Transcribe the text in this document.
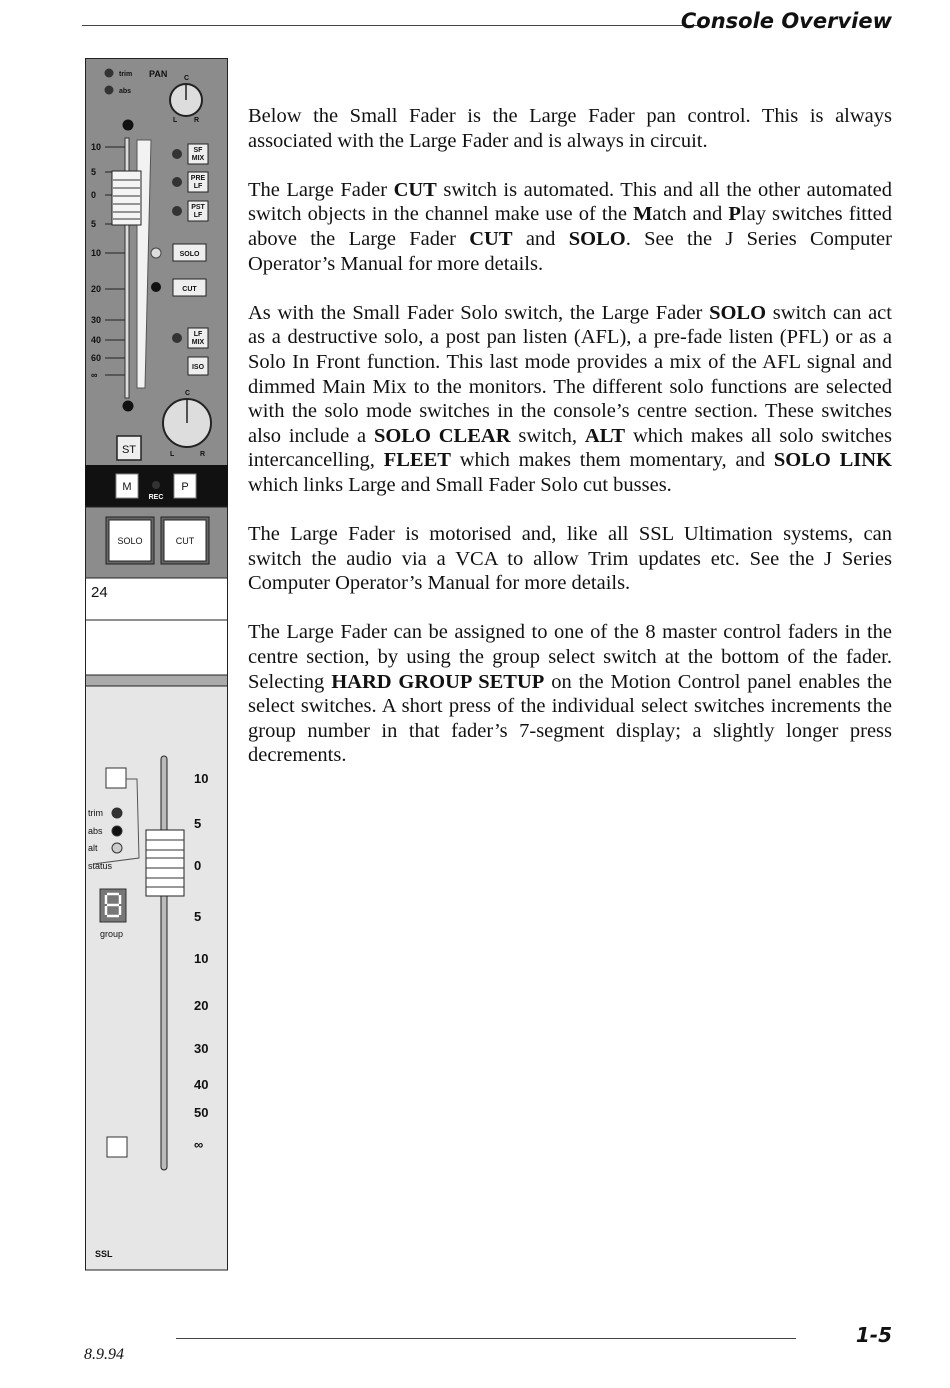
Console Overview
trim
abs
PAN C
L R
10
5
0
5
10
20
30
40
60
∞
SF
MIX
PRE
LF
PST
LF
SOLO
CUT
LF
MIX
ISO
C
L	R
ST
M
REC
P
SOLO	CUT
24
trim
abs
alt
status
group
10
5
0
5
10
20
30
40
50
∞
SSL

Below the Small Fader is the Large Fader pan control. This is always associated with the Large Fader and is always in circuit.

The Large Fader CUT switch is automated. This and all the other automated switch objects in the channel make use of the Match and Play switches fitted above the Large Fader CUT and SOLO. See the J Series Computer Operator’s Manual for more details.

As with the Small Fader Solo switch, the Large Fader SOLO switch can act as a destructive solo, a post pan listen (AFL), a pre-fade listen (PFL) or as a Solo In Front function. This last mode provides a mix of the AFL signal and dimmed Main Mix to the monitors. The different solo functions are selected with the solo mode switches in the console’s centre section. These switches also include a SOLO CLEAR switch, ALT which makes all solo switches intercancelling, FLEET which makes them momentary, and SOLO LINK which links Large and Small Fader Solo cut busses.

The Large Fader is motorised and, like all SSL Ultimation systems, can switch the audio via a VCA to allow Trim updates etc. See the J Series Computer Operator’s Manual for more details.

The Large Fader can be assigned to one of the 8 master control faders in the centre section, by using the group select switch at the bottom of the fader. Selecting HARD GROUP SETUP on the Motion Control panel enables the select switches. A short press of the individual select switches increments the group number in that fader’s 7-segment display; a slightly longer press decrements.

1-5
8.9.94
